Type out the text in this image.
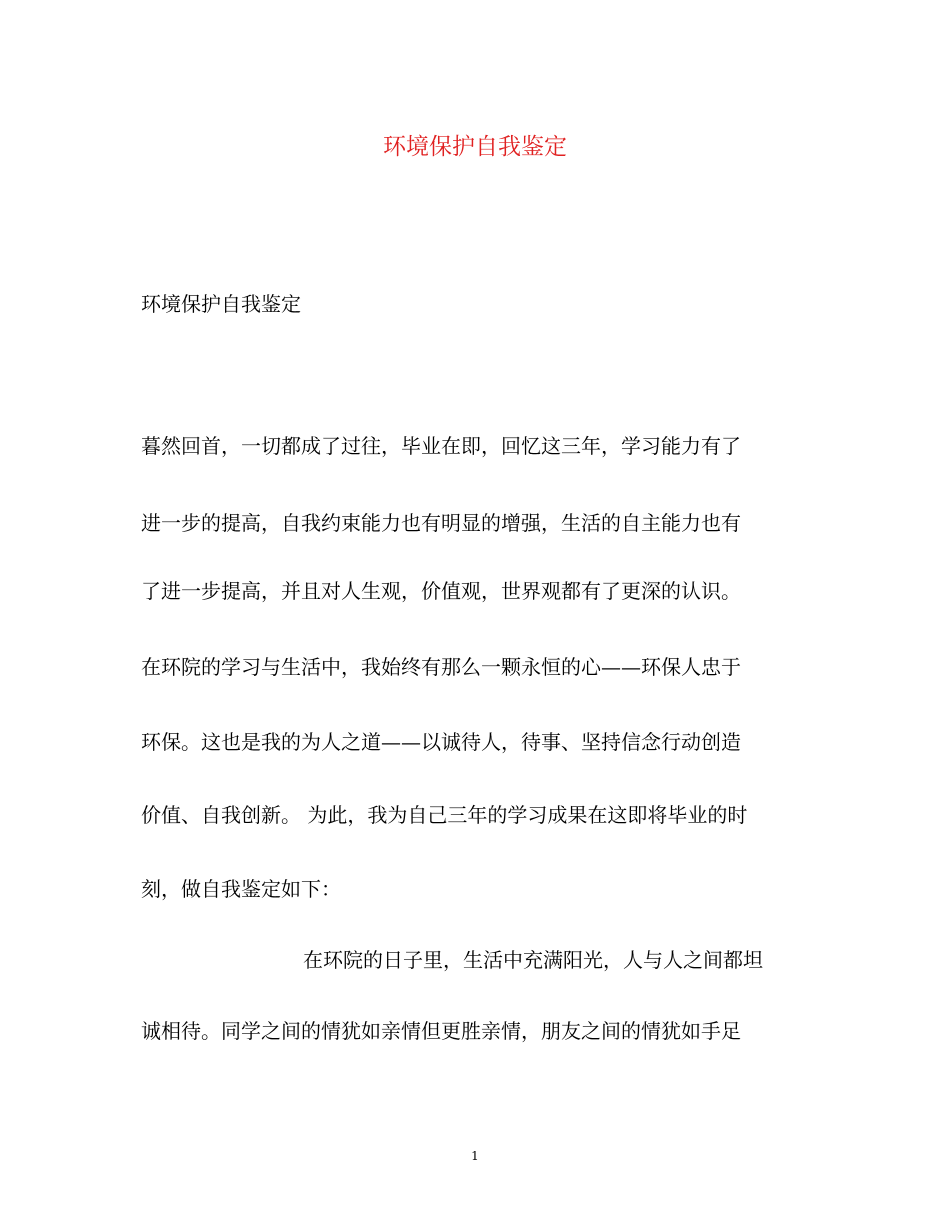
环境保护自我鉴定

环境保护自我鉴定

暮然回首，一切都成了过往，毕业在即，回忆这三年，学习能力有了

进一步的提高，自我约束能力也有明显的增强，生活的自主能力也有

了进一步提高，并且对人生观，价值观，世界观都有了更深的认识。

在环院的学习与生活中，我始终有那么一颗永恒的心——环保人忠于

环保。这也是我的为人之道——以诚待人，待事、坚持信念行动创造

价值、自我创新。 为此，我为自己三年的学习成果在这即将毕业的时

刻，做自我鉴定如下：

在环院的日子里，生活中充满阳光，人与人之间都坦

诚相待。同学之间的情犹如亲情但更胜亲情，朋友之间的情犹如手足

1
